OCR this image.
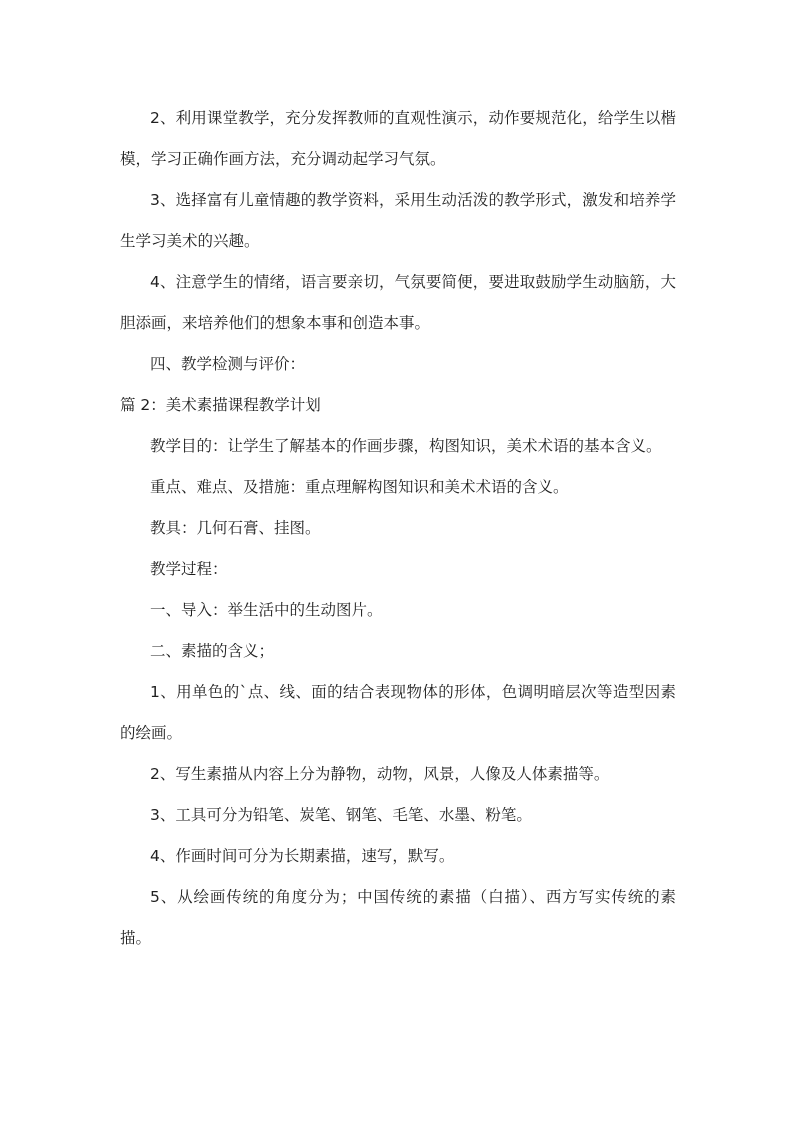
2、利用课堂教学，充分发挥教师的直观性演示，动作要规范化，给学生以楷模，学习正确作画方法，充分调动起学习气氛。

3、选择富有儿童情趣的教学资料，采用生动活泼的教学形式，激发和培养学生学习美术的兴趣。

4、注意学生的情绪，语言要亲切，气氛要简便，要进取鼓励学生动脑筋，大胆添画，来培养他们的想象本事和创造本事。

四、教学检测与评价：

篇 2：美术素描课程教学计划

教学目的：让学生了解基本的作画步骤，构图知识，美术术语的基本含义。

重点、难点、及措施：重点理解构图知识和美术术语的含义。

教具：几何石膏、挂图。

教学过程：

一、导入：举生活中的生动图片。

二、素描的含义；

1、用单色的`点、线、面的结合表现物体的形体，色调明暗层次等造型因素的绘画。

2、写生素描从内容上分为静物，动物，风景，人像及人体素描等。

3、工具可分为铅笔、炭笔、钢笔、毛笔、水墨、粉笔。

4、作画时间可分为长期素描，速写，默写。

5、从绘画传统的角度分为；中国传统的素描（白描）、西方写实传统的素描。
